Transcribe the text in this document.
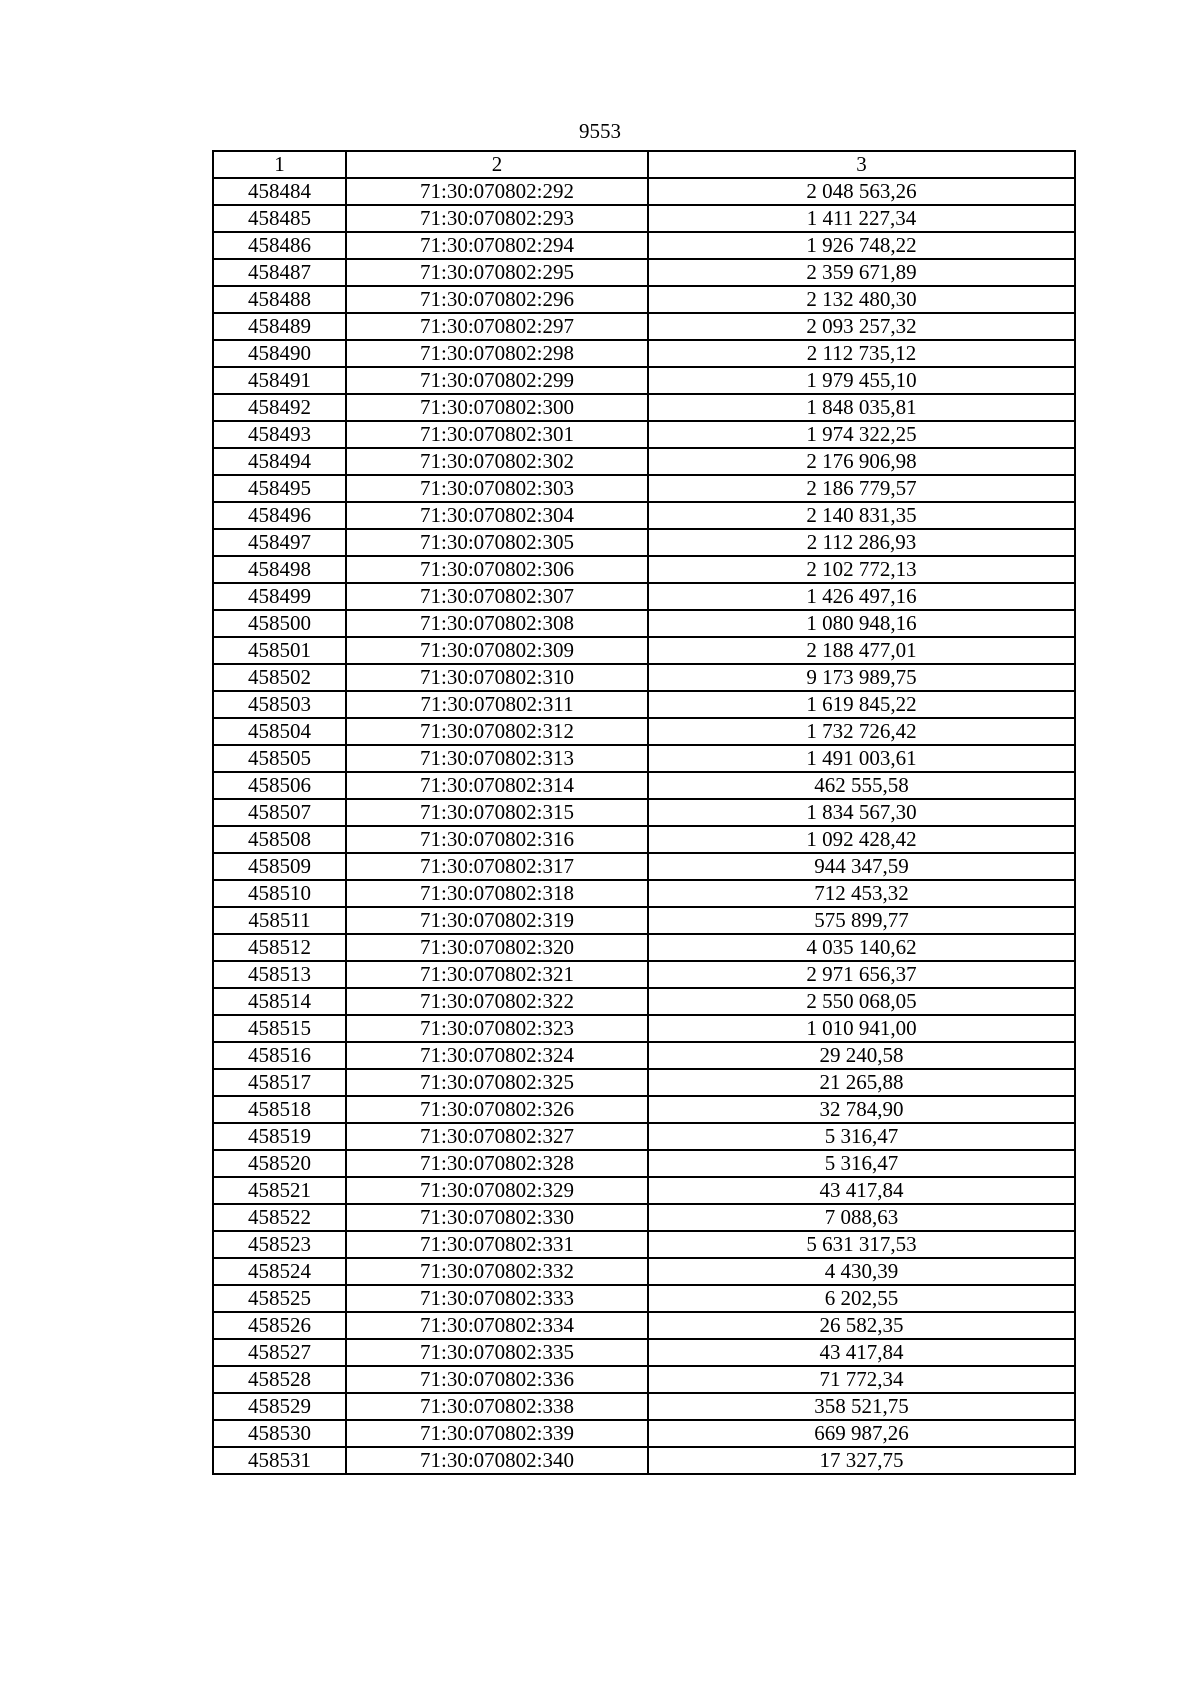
9553
1	2	3
458484	71:30:070802:292	2 048 563,26
458485	71:30:070802:293	1 411 227,34
458486	71:30:070802:294	1 926 748,22
458487	71:30:070802:295	2 359 671,89
458488	71:30:070802:296	2 132 480,30
458489	71:30:070802:297	2 093 257,32
458490	71:30:070802:298	2 112 735,12
458491	71:30:070802:299	1 979 455,10
458492	71:30:070802:300	1 848 035,81
458493	71:30:070802:301	1 974 322,25
458494	71:30:070802:302	2 176 906,98
458495	71:30:070802:303	2 186 779,57
458496	71:30:070802:304	2 140 831,35
458497	71:30:070802:305	2 112 286,93
458498	71:30:070802:306	2 102 772,13
458499	71:30:070802:307	1 426 497,16
458500	71:30:070802:308	1 080 948,16
458501	71:30:070802:309	2 188 477,01
458502	71:30:070802:310	9 173 989,75
458503	71:30:070802:311	1 619 845,22
458504	71:30:070802:312	1 732 726,42
458505	71:30:070802:313	1 491 003,61
458506	71:30:070802:314	462 555,58
458507	71:30:070802:315	1 834 567,30
458508	71:30:070802:316	1 092 428,42
458509	71:30:070802:317	944 347,59
458510	71:30:070802:318	712 453,32
458511	71:30:070802:319	575 899,77
458512	71:30:070802:320	4 035 140,62
458513	71:30:070802:321	2 971 656,37
458514	71:30:070802:322	2 550 068,05
458515	71:30:070802:323	1 010 941,00
458516	71:30:070802:324	29 240,58
458517	71:30:070802:325	21 265,88
458518	71:30:070802:326	32 784,90
458519	71:30:070802:327	5 316,47
458520	71:30:070802:328	5 316,47
458521	71:30:070802:329	43 417,84
458522	71:30:070802:330	7 088,63
458523	71:30:070802:331	5 631 317,53
458524	71:30:070802:332	4 430,39
458525	71:30:070802:333	6 202,55
458526	71:30:070802:334	26 582,35
458527	71:30:070802:335	43 417,84
458528	71:30:070802:336	71 772,34
458529	71:30:070802:338	358 521,75
458530	71:30:070802:339	669 987,26
458531	71:30:070802:340	17 327,75
